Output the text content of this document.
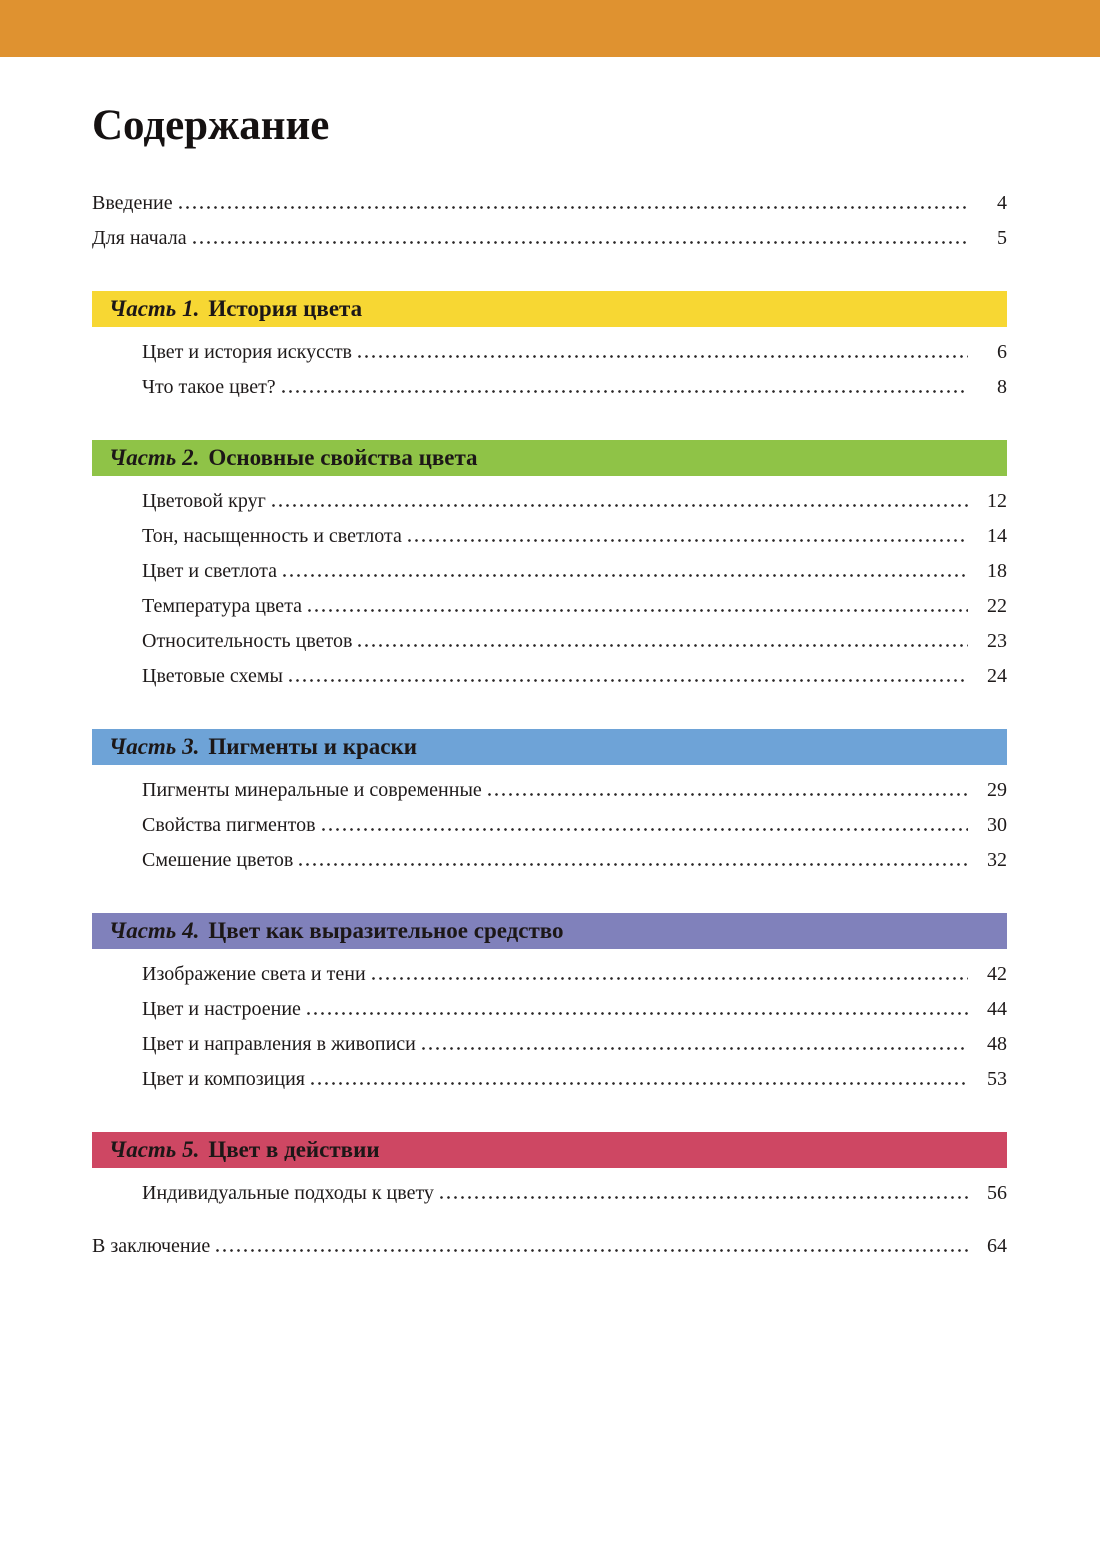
Содержание
Введение	4
Для начала	5
Часть 1. История цвета
Цвет и история искусств	6
Что такое цвет?	8
Часть 2. Основные свойства цвета
Цветовой круг	12
Тон, насыщенность и светлота	14
Цвет и светлота	18
Температура цвета	22
Относительность цветов	23
Цветовые схемы	24
Часть 3. Пигменты и краски
Пигменты минеральные и современные	29
Свойства пигментов	30
Смешение цветов	32
Часть 4. Цвет как выразительное средство
Изображение света и тени	42
Цвет и настроение	44
Цвет и направления в живописи	48
Цвет и композиция	53
Часть 5. Цвет в действии
Индивидуальные подходы к цвету	56
В заключение	64
